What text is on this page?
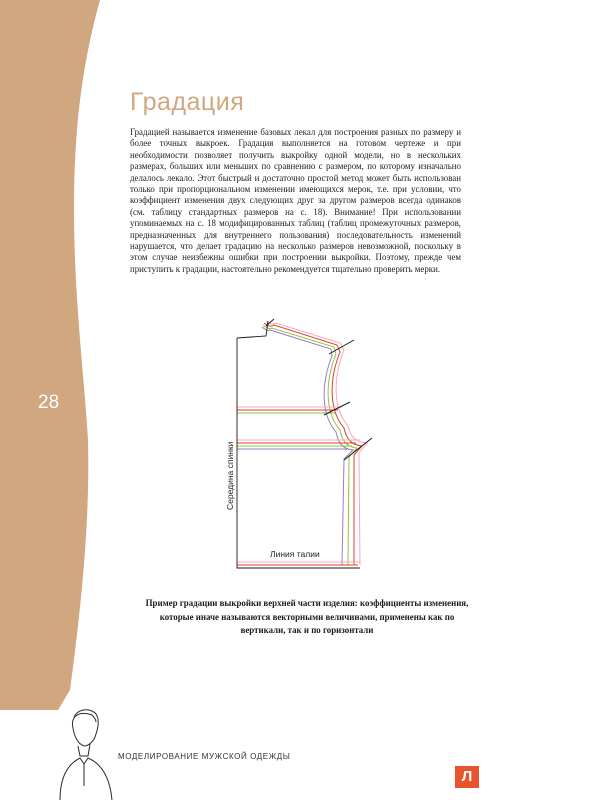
28
Градация

Градацией называется изменение базовых лекал для построения разных по размеру и более точных выкроек. Градация выполняется на готовом чертеже и при необходимости позволяет получить выкройку одной модели, но в нескольких размерах, больших или меньших по сравнению с размером, по которому изначально делалось лекало. Этот быстрый и достаточно простой метод может быть использован только при пропорциональном изменении имеющихся мерок, т.е. при условии, что коэффициент изменения двух следующих друг за другом размеров всегда одинаков (см. таблицу стандартных размеров на с. 18). Внимание! При использовании упоминаемых на с. 18 модифицированных таблиц (таблиц промежуточных размеров, предназначенных для внутреннего пользования) последовательность изменений нарушается, что делает градацию на несколько размеров невозможной, поскольку в этом случае неизбежны ошибки при построении выкройки. Поэтому, прежде чем приступить к градации, настоятельно рекомендуется тщательно проверить мерки.

Середина спинки
Линия талии
Пример градации выкройки верхней части изделия: коэффициенты изменения, которые иначе называются векторными величинами, применены как по вертикали, так и по горизонтали
МОДЕЛИРОВАНИЕ МУЖСКОЙ ОДЕЖДЫ
Л
